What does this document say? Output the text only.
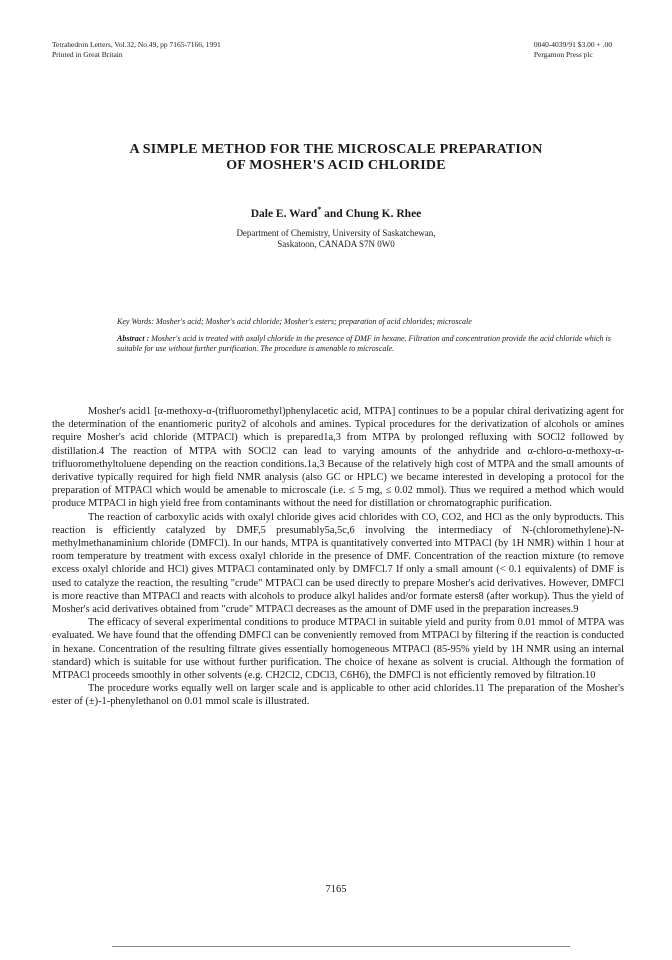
Tetrahedron Letters, Vol.32, No.49, pp 7165-7166, 1991
Printed in Great Britain
0040-4039/91 $3.00 + .00
Pergamon Press plc
A SIMPLE METHOD FOR THE MICROSCALE PREPARATION
OF MOSHER'S ACID CHLORIDE
Dale E. Ward* and Chung K. Rhee
Department of Chemistry, University of Saskatchewan,
Saskatoon, CANADA S7N 0W0
Key Words: Mosher's acid; Mosher's acid chloride; Mosher's esters; preparation of acid chlorides; microscale
Abstract : Mosher's acid is treated with oxalyl chloride in the presence of DMF in hexane. Filtration and concentration provide the acid chloride which is suitable for use without further purification. The procedure is amenable to microscale.

Mosher's acid1 [α-methoxy-α-(trifluoromethyl)phenylacetic acid, MTPA] continues to be a popular chiral derivatizing agent for the determination of the enantiomeric purity2 of alcohols and amines. Typical procedures for the derivatization of alcohols or amines require Mosher's acid chloride (MTPACl) which is prepared1a,3 from MTPA by prolonged refluxing with SOCl2 followed by distillation.4 The reaction of MTPA with SOCl2 can lead to varying amounts of the anhydride and α-chloro-α-methoxy-α-trifluoromethyltoluene depending on the reaction conditions.1a,3 Because of the relatively high cost of MTPA and the small amounts of derivative typically required for high field NMR analysis (also GC or HPLC) we became interested in developing a protocol for the preparation of MTPACl which would be amenable to microscale (i.e. ≤ 5 mg, ≤ 0.02 mmol). Thus we required a method which would produce MTPACl in high yield free from contaminants without the need for distillation or chromatographic purification.

The reaction of carboxylic acids with oxalyl chloride gives acid chlorides with CO, CO2, and HCl as the only byproducts. This reaction is efficiently catalyzed by DMF,5 presumably5a,5c,6 involving the intermediacy of N-(chloromethylene)-N-methylmethanaminium chloride (DMFCl). In our hands, MTPA is quantitatively converted into MTPACl (by 1H NMR) within 1 hour at room temperature by treatment with excess oxalyl chloride in the presence of DMF. Concentration of the reaction mixture (to remove excess oxalyl chloride and HCl) gives MTPACl contaminated only by DMFCl.7 If only a small amount (< 0.1 equivalents) of DMF is used to catalyze the reaction, the resulting "crude" MTPACl can be used directly to prepare Mosher's acid derivatives. However, DMFCl is more reactive than MTPACl and reacts with alcohols to produce alkyl halides and/or formate esters8 (after workup). Thus the yield of Mosher's acid derivatives obtained from "crude" MTPACl decreases as the amount of DMF used in the preparation increases.9

The efficacy of several experimental conditions to produce MTPACl in suitable yield and purity from 0.01 mmol of MTPA was evaluated. We have found that the offending DMFCl can be conveniently removed from MTPACl by filtering if the reaction is conducted in hexane. Concentration of the resulting filtrate gives essentially homogeneous MTPACl (85-95% yield by 1H NMR using an internal standard) which is suitable for use without further purification. The choice of hexane as solvent is crucial. Although the formation of MTPACl proceeds smoothly in other solvents (e.g. CH2Cl2, CDCl3, C6H6), the DMFCl is not efficiently removed by filtration.10

The procedure works equally well on larger scale and is applicable to other acid chlorides.11 The preparation of the Mosher's ester of (±)-1-phenylethanol on 0.01 mmol scale is illustrated.

7165
